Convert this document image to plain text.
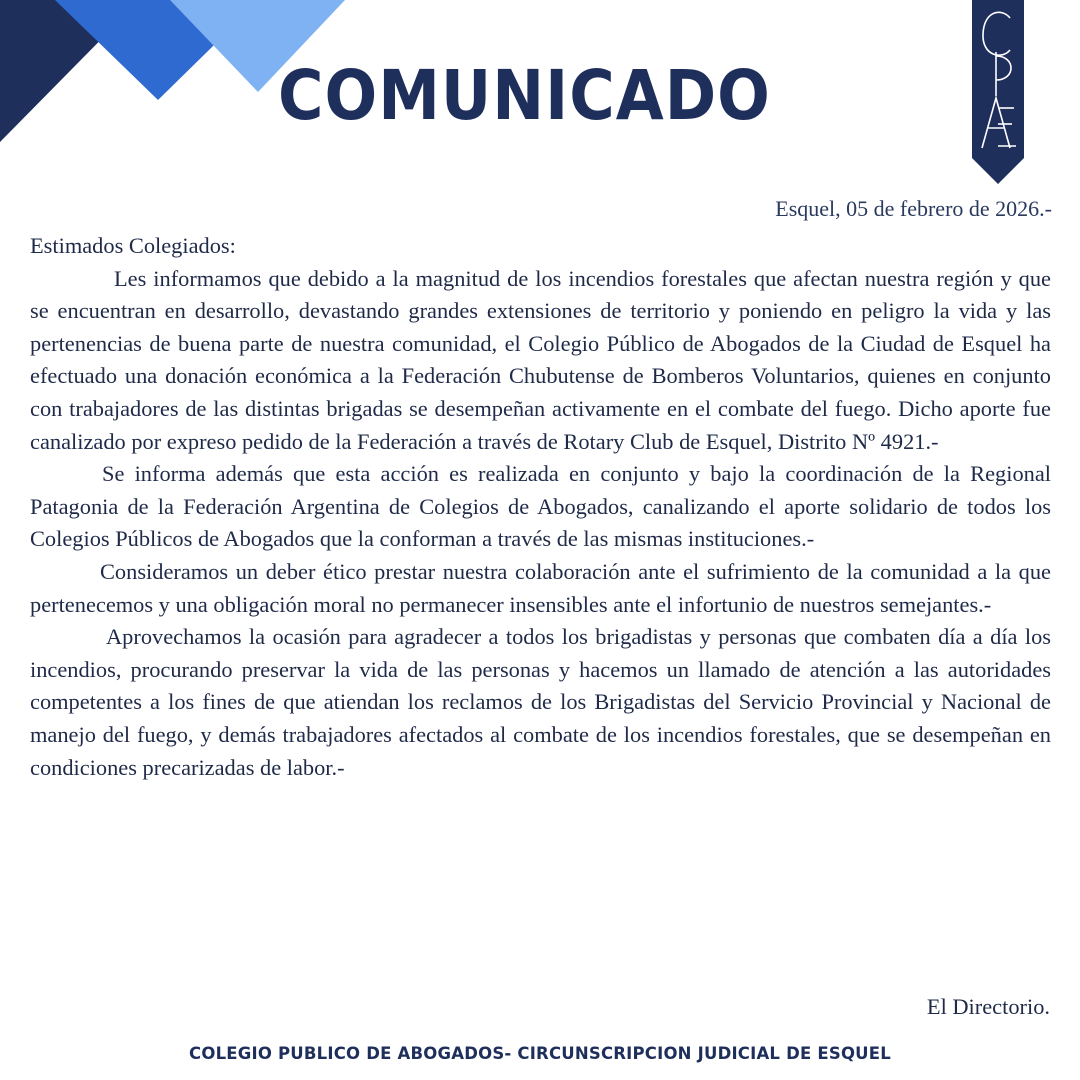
COMUNICADO
Esquel, 05 de febrero de 2026.-

Estimados Colegiados:

Les informamos que debido a la magnitud de los incendios forestales que afectan nuestra región y que se encuentran en desarrollo, devastando grandes extensiones de territorio y poniendo en peligro la vida y las pertenencias de buena parte de nuestra comunidad, el Colegio Público de Abogados de la Ciudad de Esquel ha efectuado una donación económica a la Federación Chubutense de Bomberos Voluntarios, quienes en conjunto con trabajadores de las distintas brigadas se desempeñan activamente en el combate del fuego. Dicho aporte fue canalizado por expreso pedido de la Federación a través de Rotary Club de Esquel, Distrito Nº 4921.-

Se informa además que esta acción es realizada en conjunto y bajo la coordinación de la Regional Patagonia de la Federación Argentina de Colegios de Abogados, canalizando el aporte solidario de todos los Colegios Públicos de Abogados que la conforman a través de las mismas instituciones.-

Consideramos un deber ético prestar nuestra colaboración ante el sufrimiento de la comunidad a la que pertenecemos y una obligación moral no permanecer insensibles ante el infortunio de nuestros semejantes.-

Aprovechamos la ocasión para agradecer a todos los brigadistas y personas que combaten día a día los incendios, procurando preservar la vida de las personas y hacemos un llamado de atención a las autoridades competentes a los fines de que atiendan los reclamos de los Brigadistas del Servicio Provincial y Nacional de manejo del fuego, y demás trabajadores afectados al combate de los incendios forestales, que se desempeñan en condiciones precarizadas de labor.-

El Directorio.
COLEGIO PUBLICO DE ABOGADOS- CIRCUNSCRIPCION JUDICIAL DE ESQUEL
